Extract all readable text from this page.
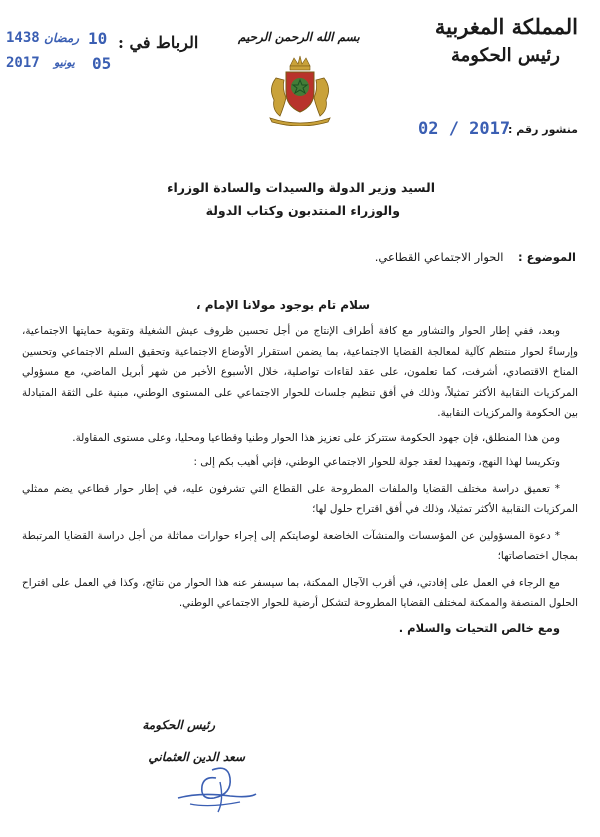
المملكة المغربية
رئيس الحكومة
بسم الله الرحمن الرحيم
الرباط في :
1438 رمضان 10
2017 يونيو 05
منشور رقم :
02 / 2017
السيد وزير الدولة والسيدات والسادة الوزراء
والوزراء المنتدبون وكتاب الدولة
الموضوع :    الحوار الاجتماعي القطاعي.
سلام تام بوجود مولانا الإمام ،

وبعد، ففي إطار الحوار والتشاور مع كافة أطراف الإنتاج من أجل تحسين ظروف عيش الشغيلة وتقوية حمايتها الاجتماعية، وإرساءً لحوار منتظم كآلية لمعالجة القضايا الاجتماعية، بما يضمن استقرار الأوضاع الاجتماعية وتحقيق السلم الاجتماعي وتحسين المناخ الاقتصادي، أشرفت، كما تعلمون، على عقد لقاءات تواصلية، خلال الأسبوع الأخير من شهر أبريل الماضي، مع مسؤولي المركزيات النقابية الأكثر تمثيلاً، وذلك في أفق تنظيم جلسات للحوار الاجتماعي على المستوى الوطني، مبنية على الثقة المتبادلة بين الحكومة والمركزيات النقابية.

ومن هذا المنطلق، فإن جهود الحكومة ستتركز على تعزيز هذا الحوار وطنيا وقطاعيا ومحليا، وعلى مستوى المقاولة.

وتكريسا لهذا النهج، وتمهيدا لعقد جولة للحوار الاجتماعي الوطني، فإني أهيب بكم إلى :

* تعميق دراسة مختلف القضايا والملفات المطروحة على القطاع التي تشرفون عليه، في إطار حوار قطاعي يضم ممثلي المركزيات النقابية الأكثر تمثيلا، وذلك في أفق اقتراح حلول لها؛

* دعوة المسؤولين عن المؤسسات والمنشآت الخاضعة لوصايتكم إلى إجراء حوارات مماثلة من أجل دراسة القضايا المرتبطة بمجال اختصاصاتها؛

مع الرجاء في العمل على إفادتي، في أقرب الآجال الممكنة، بما سيسفر عنه هذا الحوار من نتائج، وكذا في العمل على اقتراح الحلول المنصفة والممكنة لمختلف القضايا المطروحة لتشكل أرضية للحوار الاجتماعي الوطني.

ومع خالص التحيات والسلام .

رئيس الحكومة
سعد الدين العثماني
